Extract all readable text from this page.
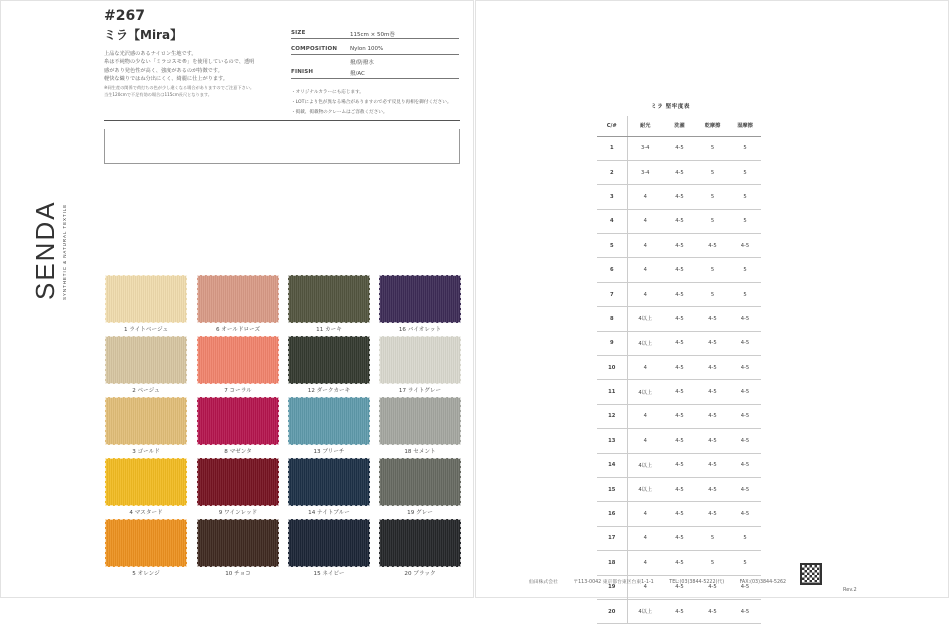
#267
ミラ【Mira】

上品な光沢感のあるナイロン生地です。

糸は不純物の少ない「ミラコスモ®」を使用しているので、透明

感があり発色性が高く、強度があるのが特徴です。

軽快な織りではね分出にくく、綺麗に仕上がります。

※同生産の関係で荷打ちの色が少し違くなる場合がありますのでご注意下さい。

当生120cmで不足有効の場合は115cm長尺となります。

SIZE	115cm × 50m巻
COMPOSITION Nylon 100%
撥/防撥水
FINISH	撥/AC

・オリジナルカラーにも応じます。

・LOTにより色が異なる場合がありますので必ず反見り再相を御付ください。

・掲載、掲載物のクレームはご容赦ください。

SENDA SYNTHETIC & NATURAL TEXTILE
1 ライトベージュ	6 オールドローズ	11 カーキ	16 バイオレット
2 ベージュ	7 コーラル	12 ダークカーキ	17 ライトグレー
3 ゴールド	8 マゼンタ	13 ブリーチ	18 セメント
4 マスタード	9 ワインレッド	14 ナイトブルー	19 グレー
5 オレンジ	10 チョコ	15 ネイビー	20 ブラック
ミラ 堅牢度表
C/#	耐光	洗濯	乾摩擦	湿摩擦
1	3-4	4-5	5	5
2	3-4	4-5	5	5
3	4	4-5	5	5
4	4	4-5	5	5
5	4	4-5	4-5	4-5
6	4	4-5	5	5
7	4	4-5	5	5
8	4以上	4-5	4-5	4-5
9	4以上	4-5	4-5	4-5
10	4	4-5	4-5	4-5
11	4以上	4-5	4-5	4-5
12	4	4-5	4-5	4-5
13	4	4-5	4-5	4-5
14	4以上	4-5	4-5	4-5
15	4以上	4-5	4-5	4-5
16	4	4-5	4-5	4-5
17	4	4-5	5	5
18	4	4-5	5	5
19	4	4-5	4-5	4-5
20	4以上	4-5	4-5	4-5
仙田株式会社	〒113-0042 東京都台東区台東1-1-1	TEL:(03)3844-5222(代)	FAX:(03)3844-5262
Rev.2
